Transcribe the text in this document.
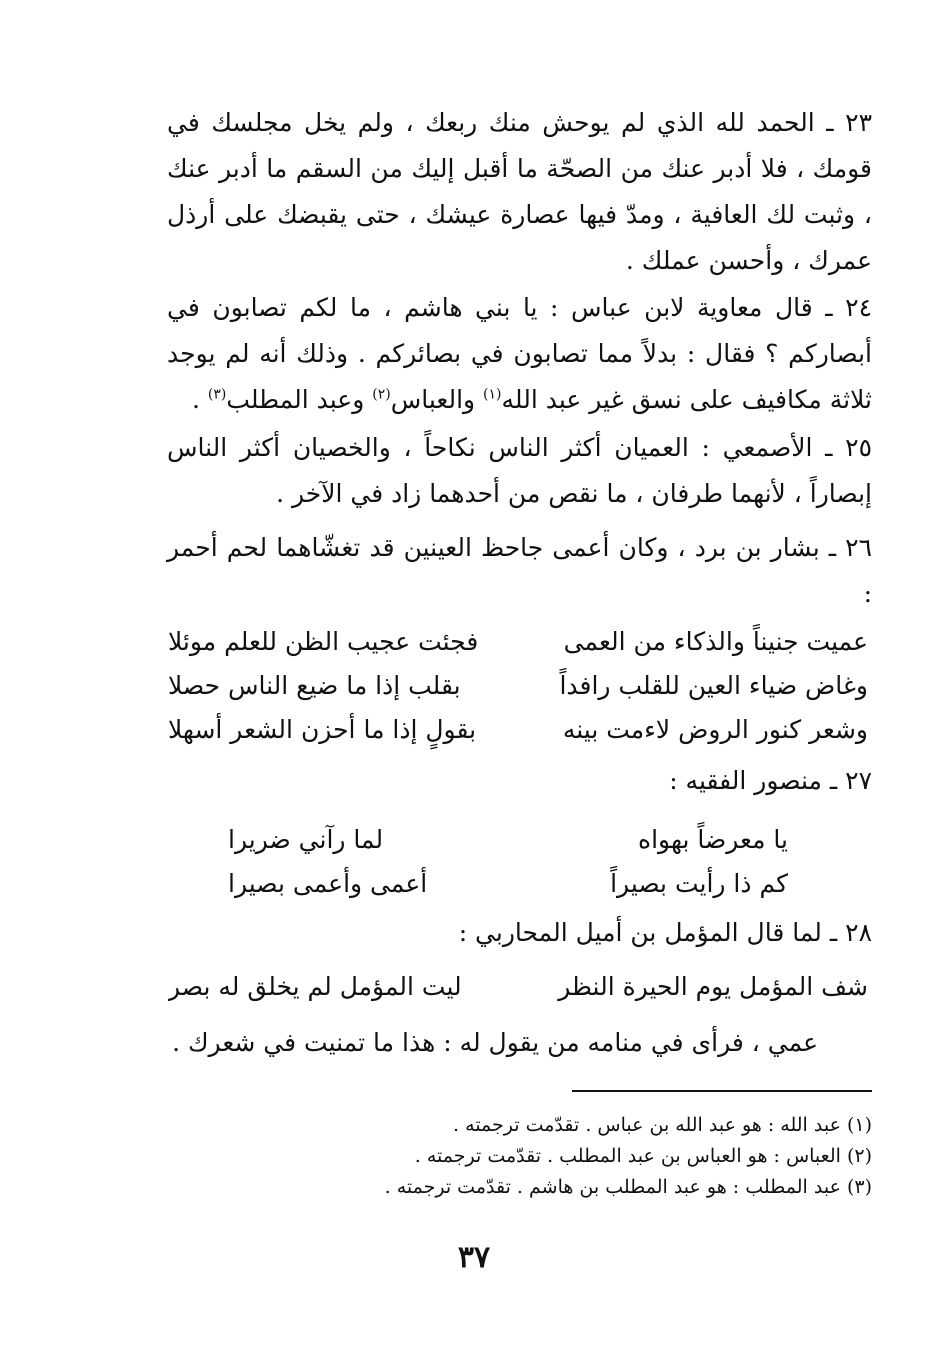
٢٣ ـ الحمد لله الذي لم يوحش منك ربعك ، ولم يخل مجلسك في قومك ، فلا أدبر عنك من الصحّة ما أقبل إليك من السقم ما أدبر عنك ، وثبت لك العافية ، ومدّ فيها عصارة عيشك ، حتى يقبضك على أرذل عمرك ، وأحسن عملك .

٢٤ ـ قال معاوية لابن عباس : يا بني هاشم ، ما لكم تصابون في أبصاركم ؟ فقال : بدلاً مما تصابون في بصائركم . وذلك أنه لم يوجد ثلاثة مكافيف على نسق غير عبد الله$^{(١)}$ والعباس$^{(٢)}$ وعبد المطلب$^{(٣)}$ .

٢٥ ـ الأصمعي : العميان أكثر الناس نكاحاً ، والخصيان أكثر الناس إبصاراً ، لأنهما طرفان ، ما نقص من أحدهما زاد في الآخر .

٢٦ ـ بشار بن برد ، وكان أعمى جاحظ العينين قد تغشّاهما لحم أحمر :

عميت جنيناً والذكاء من العمى
فجئت عجيب الظن للعلم موئلا
وغاض ضياء العين للقلب رافداً
بقلب إذا ما ضيع الناس حصلا
وشعر كنور الروض لاءمت بينه
بقولٍ إذا ما أحزن الشعر أسهلا

٢٧ ـ منصور الفقيه :

يا معرضاً بهواه
لما رآني ضريرا
كم ذا رأيت بصيراً
أعمى وأعمى بصيرا

٢٨ ـ لما قال المؤمل بن أميل المحاربي :

شف المؤمل يوم الحيرة النظر
ليت المؤمل لم يخلق له بصر

عمي ، فرأى في منامه من يقول له : هذا ما تمنيت في شعرك .

(١) عبد الله : هو عبد الله بن عباس . تقدّمت ترجمته .

(٢) العباس : هو العباس بن عبد المطلب . تقدّمت ترجمته .

(٣) عبد المطلب : هو عبد المطلب بن هاشم . تقدّمت ترجمته .

٣٧
